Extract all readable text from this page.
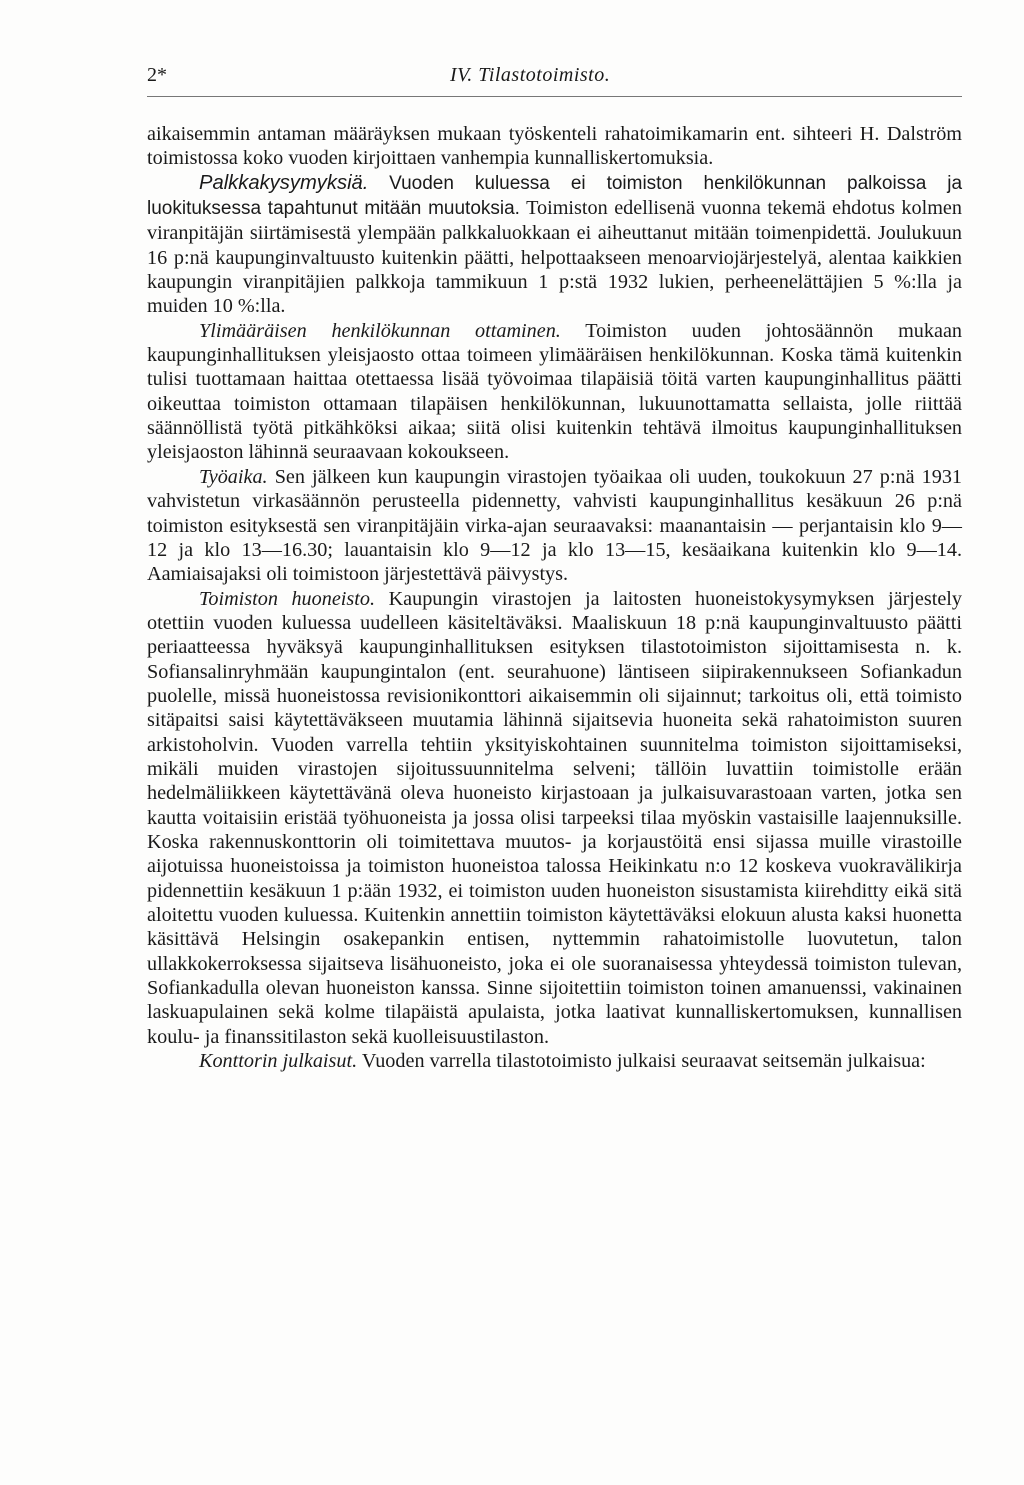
2*	IV. Tilastotoimisto.

aikaisemmin antaman määräyksen mukaan työskenteli rahatoimikamarin ent. sihteeri H. Dalström toimistossa koko vuoden kirjoittaen vanhempia kunnalliskertomuksia.

Palkkakysymyksiä. Vuoden kuluessa ei toimiston henkilökunnan palkoissa ja luokituksessa tapahtunut mitään muutoksia. Toimiston edellisenä vuonna tekemä ehdotus kolmen viranpitäjän siirtämisestä ylempään palkkaluokkaan ei aiheuttanut mitään toimenpidettä. Joulukuun 16 p:nä kaupunginvaltuusto kuitenkin päätti, helpottaakseen menoarviojärjestelyä, alentaa kaikkien kaupungin viranpitäjien palkkoja tammikuun 1 p:stä 1932 lukien, perheenelättäjien 5 %:lla ja muiden 10 %:lla.

Ylimääräisen henkilökunnan ottaminen. Toimiston uuden johtosäännön mukaan kaupunginhallituksen yleisjaosto ottaa toimeen ylimääräisen henkilökunnan. Koska tämä kuitenkin tulisi tuottamaan haittaa otettaessa lisää työvoimaa tilapäisiä töitä varten kaupunginhallitus päätti oikeuttaa toimiston ottamaan tilapäisen henkilökunnan, lukuunottamatta sellaista, jolle riittää säännöllistä työtä pitkähköksi aikaa; siitä olisi kuitenkin tehtävä ilmoitus kaupunginhallituksen yleisjaoston lähinnä seuraavaan kokoukseen.

Työaika. Sen jälkeen kun kaupungin virastojen työaikaa oli uuden, toukokuun 27 p:nä 1931 vahvistetun virkasäännön perusteella pidennetty, vahvisti kaupunginhallitus kesäkuun 26 p:nä toimiston esityksestä sen viranpitäjäin virka-ajan seuraavaksi: maanantaisin — perjantaisin klo 9—12 ja klo 13—16.30; lauantaisin klo 9—12 ja klo 13—15, kesäaikana kuitenkin klo 9—14. Aamiaisajaksi oli toimistoon järjestettävä päivystys.

Toimiston huoneisto. Kaupungin virastojen ja laitosten huoneistokysymyksen järjestely otettiin vuoden kuluessa uudelleen käsiteltäväksi. Maaliskuun 18 p:nä kaupunginvaltuusto päätti periaatteessa hyväksyä kaupunginhallituksen esityksen tilastotoimiston sijoittamisesta n. k. Sofiansalinryhmään kaupungintalon (ent. seurahuone) läntiseen siipirakennukseen Sofiankadun puolelle, missä huoneistossa revisionikonttori aikaisemmin oli sijainnut; tarkoitus oli, että toimisto sitäpaitsi saisi käytettäväkseen muutamia lähinnä sijaitsevia huoneita sekä rahatoimiston suuren arkistoholvin. Vuoden varrella tehtiin yksityiskohtainen suunnitelma toimiston sijoittamiseksi, mikäli muiden virastojen sijoitussuunnitelma selveni; tällöin luvattiin toimistolle erään hedelmäliikkeen käytettävänä oleva huoneisto kirjastoaan ja julkaisuvarastoaan varten, jotka sen kautta voitaisiin eristää työhuoneista ja jossa olisi tarpeeksi tilaa myöskin vastaisille laajennuksille. Koska rakennuskonttorin oli toimitettava muutos- ja korjaustöitä ensi sijassa muille virastoille aijotuissa huoneistoissa ja toimiston huoneistoa talossa Heikinkatu n:o 12 koskeva vuokravälikirja pidennettiin kesäkuun 1 p:ään 1932, ei toimiston uuden huoneiston sisustamista kiirehditty eikä sitä aloitettu vuoden kuluessa. Kuitenkin annettiin toimiston käytettäväksi elokuun alusta kaksi huonetta käsittävä Helsingin osakepankin entisen, nyttemmin rahatoimistolle luovutetun, talon ullakkokerroksessa sijaitseva lisähuoneisto, joka ei ole suoranaisessa yhteydessä toimiston tulevan, Sofiankadulla olevan huoneiston kanssa. Sinne sijoitettiin toimiston toinen amanuenssi, vakinainen laskuapulainen sekä kolme tilapäistä apulaista, jotka laativat kunnalliskertomuksen, kunnallisen koulu- ja finanssitilaston sekä kuolleisuustilaston.

Konttorin julkaisut. Vuoden varrella tilastotoimisto julkaisi seuraavat seitsemän julkaisua:
